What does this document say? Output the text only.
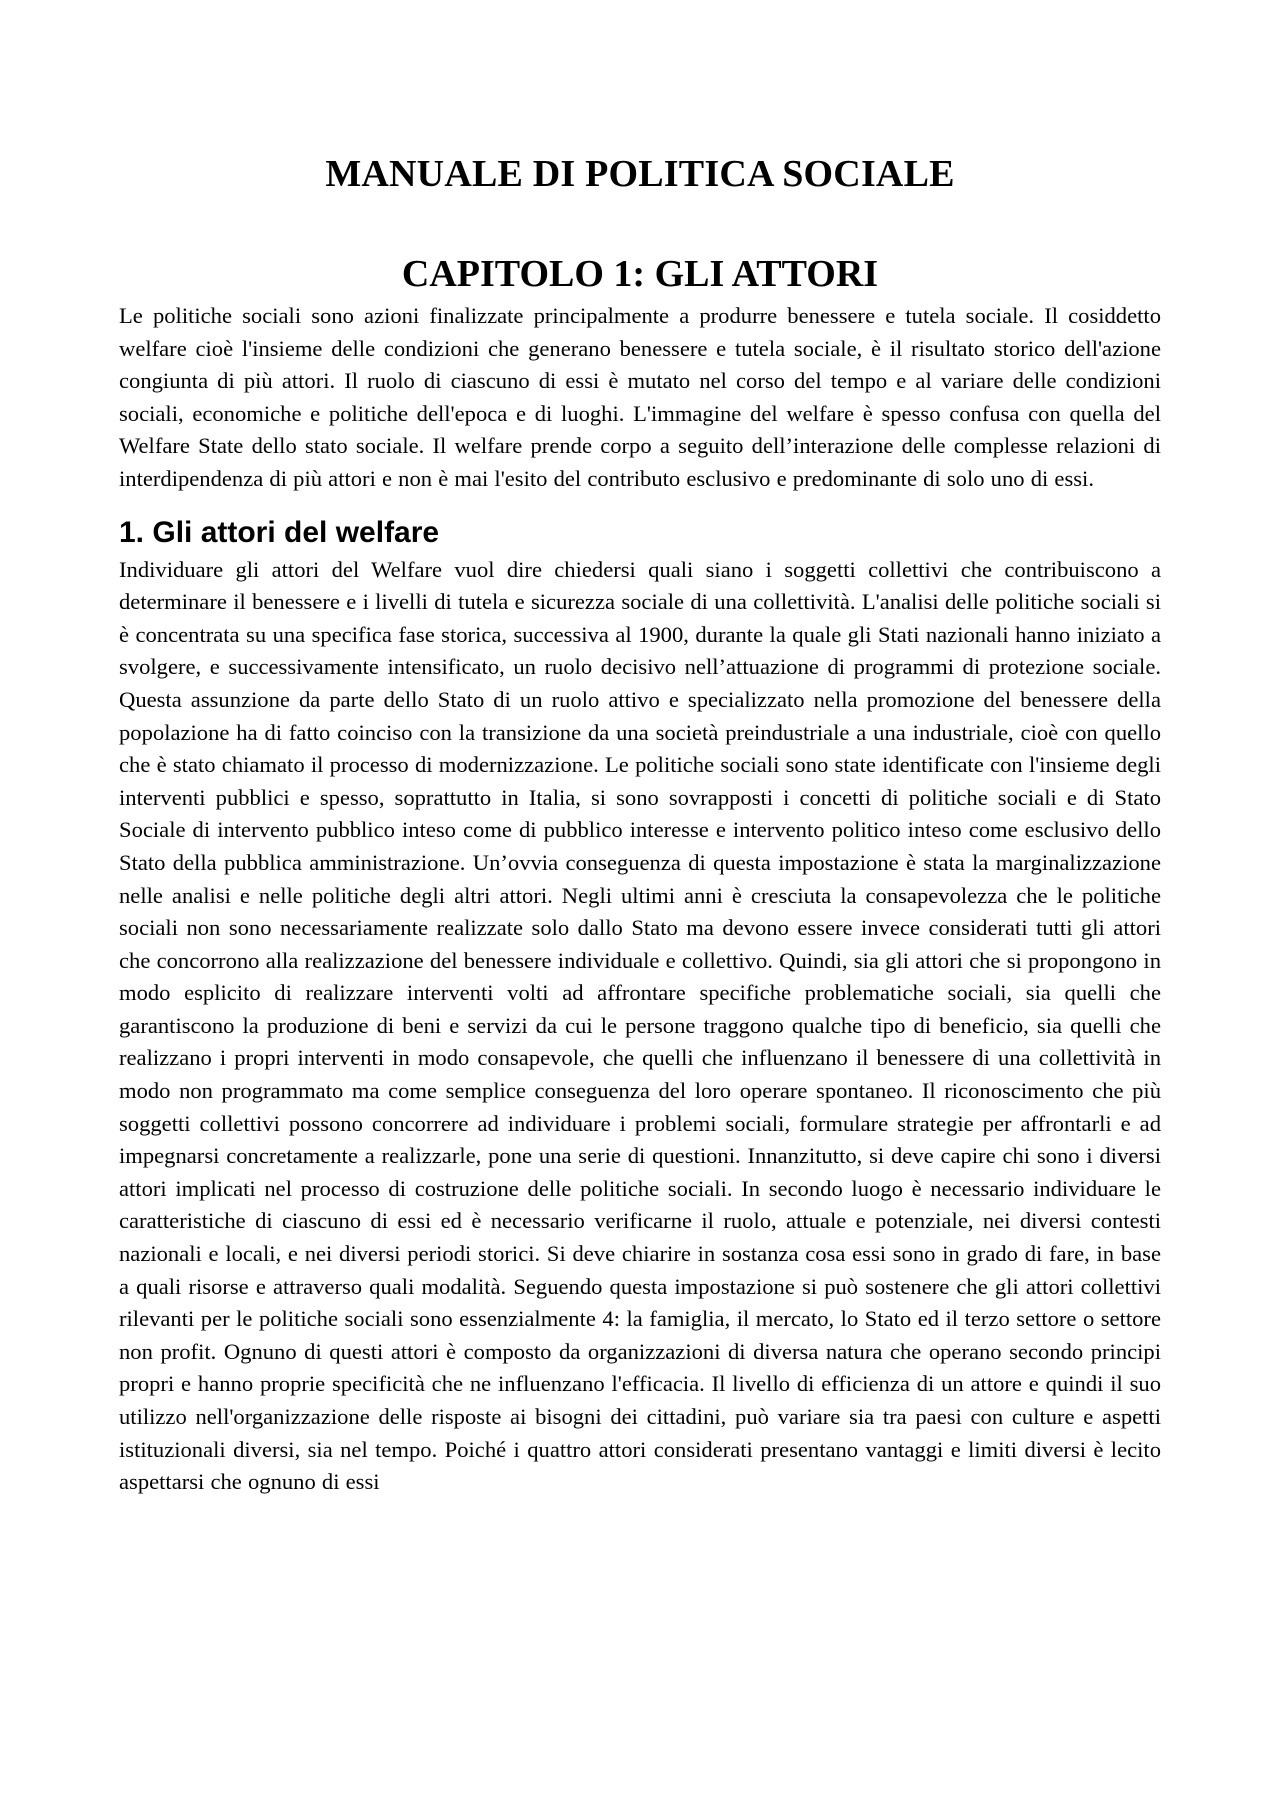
MANUALE DI POLITICA SOCIALE
CAPITOLO 1: GLI ATTORI

Le politiche sociali sono azioni finalizzate principalmente a produrre benessere e tutela sociale. Il cosiddetto welfare cioè l'insieme delle condizioni che generano benessere e tutela sociale, è il risultato storico dell'azione congiunta di più attori. Il ruolo di ciascuno di essi è mutato nel corso del tempo e al variare delle condizioni sociali, economiche e politiche dell'epoca e di luoghi. L'immagine del welfare è spesso confusa con quella del Welfare State dello stato sociale. Il welfare prende corpo a seguito dell’interazione delle complesse relazioni di interdipendenza di più attori e non è mai l'esito del contributo esclusivo e predominante di solo uno di essi.

1. Gli attori del welfare

Individuare gli attori del Welfare vuol dire chiedersi quali siano i soggetti collettivi che contribuiscono a determinare il benessere e i livelli di tutela e sicurezza sociale di una collettività. L'analisi delle politiche sociali si è concentrata su una specifica fase storica, successiva al 1900, durante la quale gli Stati nazionali hanno iniziato a svolgere, e successivamente intensificato, un ruolo decisivo nell’attuazione di programmi di protezione sociale. Questa assunzione da parte dello Stato di un ruolo attivo e specializzato nella promozione del benessere della popolazione ha di fatto coinciso con la transizione da una società preindustriale a una industriale, cioè con quello che è stato chiamato il processo di modernizzazione. Le politiche sociali sono state identificate con l'insieme degli interventi pubblici e spesso, soprattutto in Italia, si sono sovrapposti i concetti di politiche sociali e di Stato Sociale di intervento pubblico inteso come di pubblico interesse e intervento politico inteso come esclusivo dello Stato della pubblica amministrazione. Un’ovvia conseguenza di questa impostazione è stata la marginalizzazione nelle analisi e nelle politiche degli altri attori. Negli ultimi anni è cresciuta la consapevolezza che le politiche sociali non sono necessariamente realizzate solo dallo Stato ma devono essere invece considerati tutti gli attori che concorrono alla realizzazione del benessere individuale e collettivo. Quindi, sia gli attori che si propongono in modo esplicito di realizzare interventi volti ad affrontare specifiche problematiche sociali, sia quelli che garantiscono la produzione di beni e servizi da cui le persone traggono qualche tipo di beneficio, sia quelli che realizzano i propri interventi in modo consapevole, che quelli che influenzano il benessere di una collettività in modo non programmato ma come semplice conseguenza del loro operare spontaneo. Il riconoscimento che più soggetti collettivi possono concorrere ad individuare i problemi sociali, formulare strategie per affrontarli e ad impegnarsi concretamente a realizzarle, pone una serie di questioni. Innanzitutto, si deve capire chi sono i diversi attori implicati nel processo di costruzione delle politiche sociali. In secondo luogo è necessario individuare le caratteristiche di ciascuno di essi ed è necessario verificarne il ruolo, attuale e potenziale, nei diversi contesti nazionali e locali, e nei diversi periodi storici. Si deve chiarire in sostanza cosa essi sono in grado di fare, in base a quali risorse e attraverso quali modalità. Seguendo questa impostazione si può sostenere che gli attori collettivi rilevanti per le politiche sociali sono essenzialmente 4: la famiglia, il mercato, lo Stato ed il terzo settore o settore non profit. Ognuno di questi attori è composto da organizzazioni di diversa natura che operano secondo principi propri e hanno proprie specificità che ne influenzano l'efficacia. Il livello di efficienza di un attore e quindi il suo utilizzo nell'organizzazione delle risposte ai bisogni dei cittadini, può variare sia tra paesi con culture e aspetti istituzionali diversi, sia nel tempo. Poiché i quattro attori considerati presentano vantaggi e limiti diversi è lecito aspettarsi che ognuno di essi
